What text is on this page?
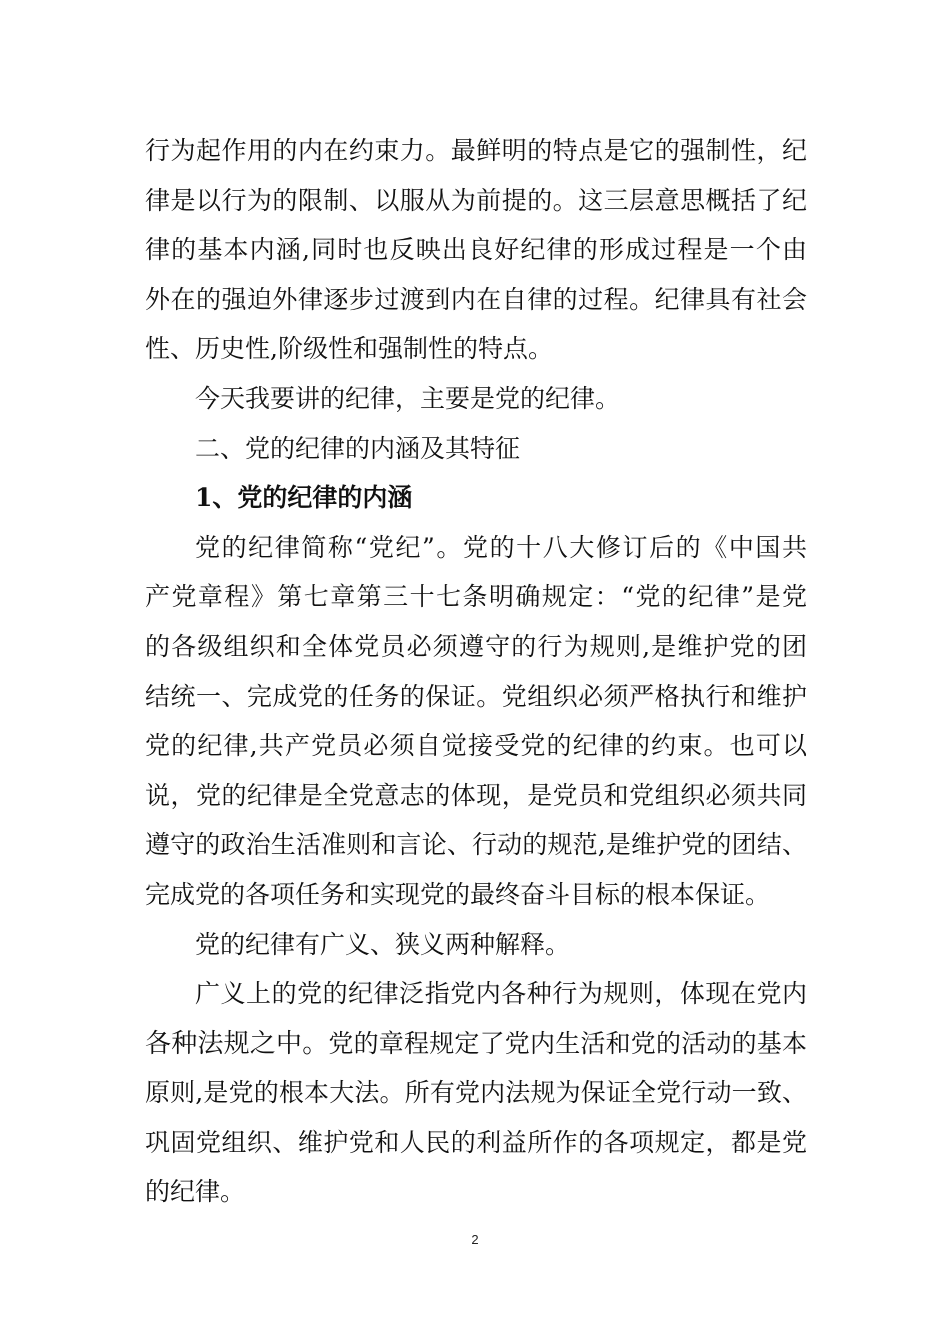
行为起作用的内在约束力。最鲜明的特点是它的强制性，纪
律是以行为的限制、以服从为前提的。这三层意思概括了纪
律的基本内涵,同时也反映出良好纪律的形成过程是一个由
外在的强迫外律逐步过渡到内在自律的过程。纪律具有社会
性、历史性,阶级性和强制性的特点。
今天我要讲的纪律，主要是党的纪律。
二、党的纪律的内涵及其特征
1、党的纪律的内涵
党的纪律简称“党纪”。党的十八大修订后的《中国共
产党章程》第七章第三十七条明确规定：“党的纪律”是党
的各级组织和全体党员必须遵守的行为规则,是维护党的团
结统一、完成党的任务的保证。党组织必须严格执行和维护
党的纪律,共产党员必须自觉接受党的纪律的约束。也可以
说，党的纪律是全党意志的体现，是党员和党组织必须共同
遵守的政治生活准则和言论、行动的规范,是维护党的团结、
完成党的各项任务和实现党的最终奋斗目标的根本保证。
党的纪律有广义、狭义两种解释。
广义上的党的纪律泛指党内各种行为规则，体现在党内
各种法规之中。党的章程规定了党内生活和党的活动的基本
原则,是党的根本大法。所有党内法规为保证全党行动一致、
巩固党组织、维护党和人民的利益所作的各项规定，都是党
的纪律。
2
